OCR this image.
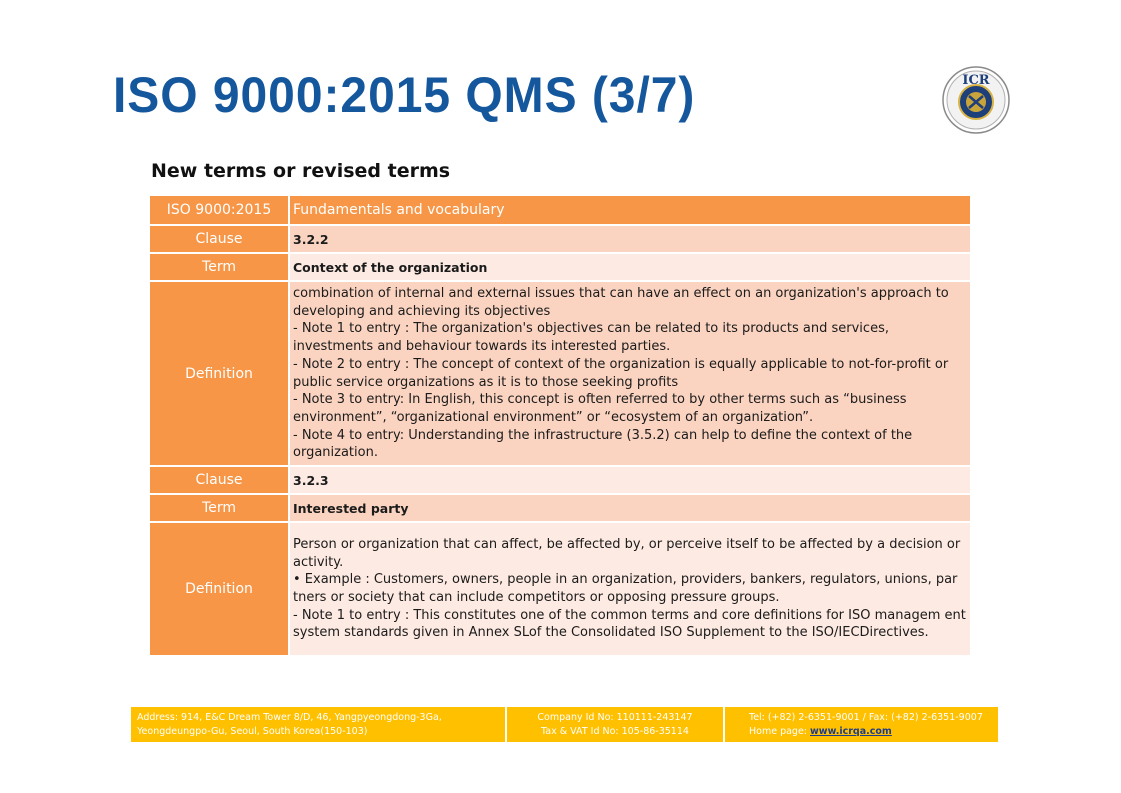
ISO 9000:2015 QMS (3/7)	ICR
New terms or revised terms
ISO 9000:2015	Fundamentals and vocabulary
Clause	3.2.2
Term	Context of the organization
Definition	combination of internal and external issues that can have an effect on an organization's approach to developing and achieving its objectives

- Note 1 to entry : The organization's objectives can be related to its products and services, investments and behaviour towards its interested parties.

- Note 2 to entry : The concept of context of the organization is equally applicable to not-for-profit or public service organizations as it is to those seeking profits

- Note 3 to entry: In English, this concept is often referred to by other terms such as “business environment”, “organizational environment” or “ecosystem of an organization”.

- Note 4 to entry: Understanding the infrastructure (3.5.2) can help to define the context of the organization.

Clause	3.2.3
Term	Interested party
Definition	Person or organization that can affect, be affected by, or perceive itself to be affected by a decision or activity.

• Example : Customers, owners, people in an organization, providers, bankers, regulators, unions, par tners or society that can include competitors or opposing pressure groups.

- Note 1 to entry : This constitutes one of the common terms and core definitions for ISO managem ent system standards given in Annex SLof the Consolidated ISO Supplement to the ISO/IECDirectives.

Address: 914, E&C Dream Tower 8/D, 46, Yangpyeongdong-3Ga,
Yeongdeungpo-Gu, Seoul, South Korea(150-103)
Company Id No: 110111-243147
Tax & VAT Id No: 105-86-35114
Tel: (+82) 2-6351-9001 / Fax: (+82) 2-6351-9007
Home page: www.icrqa.com
